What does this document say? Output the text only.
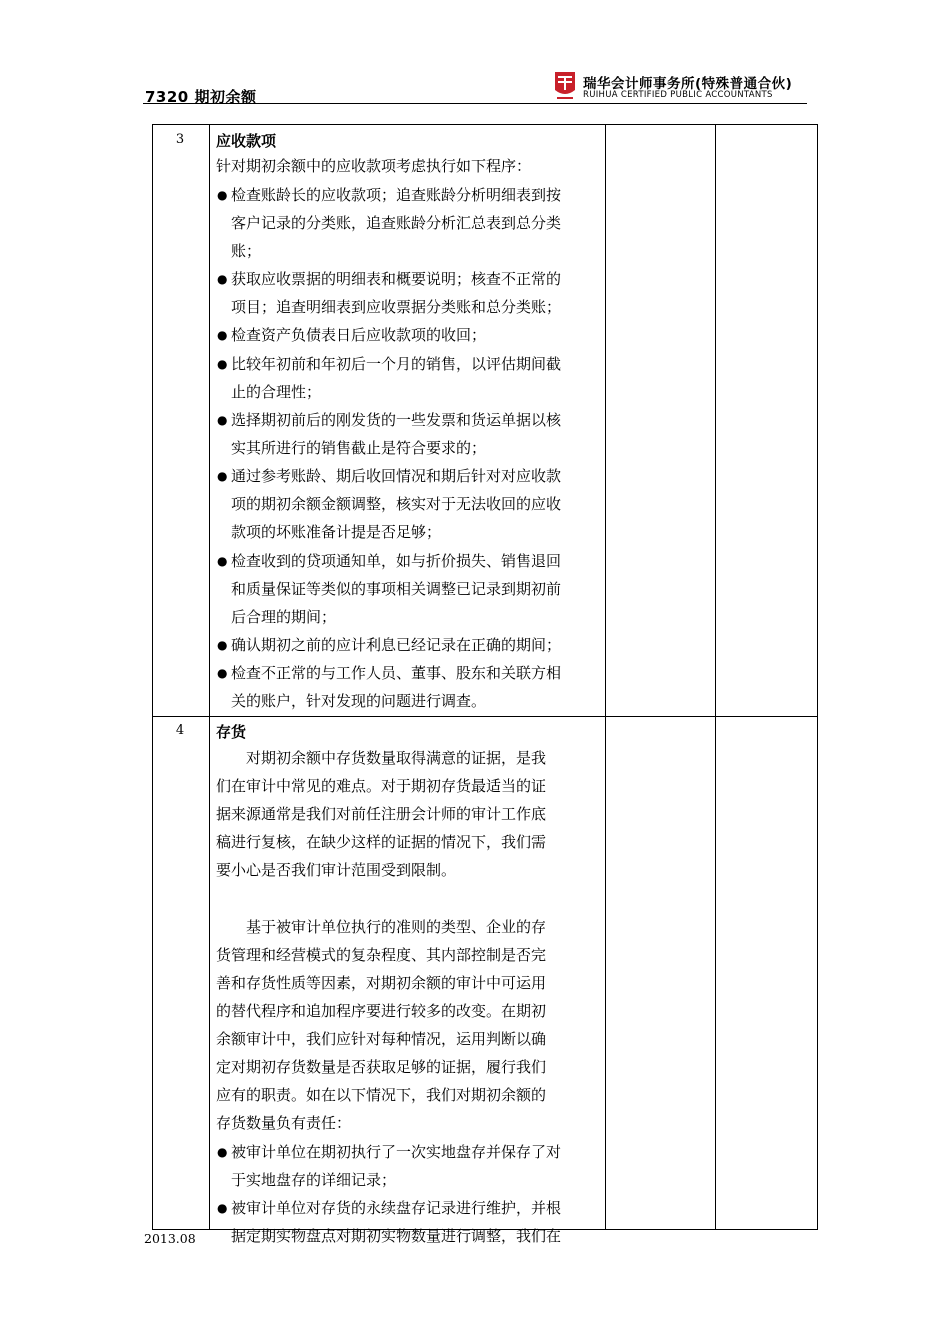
7320 期初余额
瑞华会计师事务所(特殊普通合伙)
RUIHUA CERTIFIED PUBLIC ACCOUNTANTS
3	应收款项
针对期初余额中的应收款项考虑执行如下程序：
● 检查账龄长的应收款项；追查账龄分析明细表到按
客户记录的分类账，追查账龄分析汇总表到总分类
账；
● 获取应收票据的明细表和概要说明；核查不正常的
项目；追查明细表到应收票据分类账和总分类账；
● 检查资产负债表日后应收款项的收回；
● 比较年初前和年初后一个月的销售，以评估期间截
止的合理性；
● 选择期初前后的刚发货的一些发票和货运单据以核
实其所进行的销售截止是符合要求的；
● 通过参考账龄、期后收回情况和期后针对对应收款
项的期初余额金额调整，核实对于无法收回的应收
款项的坏账准备计提是否足够；
● 检查收到的贷项通知单，如与折价损失、销售退回
和质量保证等类似的事项相关调整已记录到期初前
后合理的期间；
● 确认期初之前的应计利息已经记录在正确的期间；
● 检查不正常的与工作人员、董事、股东和关联方相
关的账户，针对发现的问题进行调查。
4	存货
对期初余额中存货数量取得满意的证据，是我
们在审计中常见的难点。对于期初存货最适当的证
据来源通常是我们对前任注册会计师的审计工作底
稿进行复核，在缺少这样的证据的情况下，我们需
要小心是否我们审计范围受到限制。
基于被审计单位执行的准则的类型、企业的存
货管理和经营模式的复杂程度、其内部控制是否完
善和存货性质等因素，对期初余额的审计中可运用
的替代程序和追加程序要进行较多的改变。在期初
余额审计中，我们应针对每种情况，运用判断以确
定对期初存货数量是否获取足够的证据，履行我们
应有的职责。如在以下情况下，我们对期初余额的
存货数量负有责任：
● 被审计单位在期初执行了一次实地盘存并保存了对
于实地盘存的详细记录；
● 被审计单位对存货的永续盘存记录进行维护，并根
据定期实物盘点对期初实物数量进行调整，我们在
2013.08
